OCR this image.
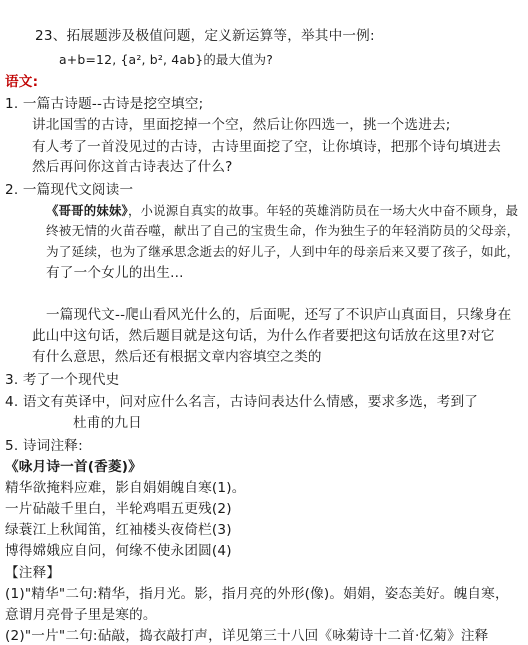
23、拓展题涉及极值问题，定义新运算等，举其中一例:
a+b=12, {a², b², 4ab}的最大值为?
语文:
1. 一篇古诗题--古诗是挖空填空;
讲北国雪的古诗，里面挖掉一个空，然后让你四选一，挑一个选进去;
有人考了一首没见过的古诗，古诗里面挖了空，让你填诗，把那个诗句填进去
然后再问你这首古诗表达了什么?
2. 一篇现代文阅读一
《哥哥的妹妹》，小说源自真实的故事。年轻的英雄消防员在一场大火中奋不顾身，最
终被无情的火苗吞噬，献出了自己的宝贵生命，作为独生子的年轻消防员的父母亲，
为了延续，也为了继承思念逝去的好儿子，人到中年的母亲后来又要了孩子，如此，
有了一个女儿的出生...
一篇现代文--爬山看风光什么的，后面呢，还写了不识庐山真面目，只缘身在
此山中这句话，然后题目就是这句话，为什么作者要把这句话放在这里?对它
有什么意思，然后还有根据文章内容填空之类的
3. 考了一个现代史
4. 语文有英译中，问对应什么名言，古诗问表达什么情感，要求多选，考到了
杜甫的九日
5. 诗词注释:
《咏月诗一首(香菱)》
精华欲掩料应难，影自娟娟魄自寒(1)。
一片砧敲千里白，半轮鸡唱五更残(2)
绿蓑江上秋闻笛，红袖楼头夜倚栏(3)
博得嫦娥应自问，何缘不使永团圆(4)
【注释】
(1)"精华"二句:精华，指月光。影，指月亮的外形(像)。娟娟，姿态美好。魄自寒，
意谓月亮骨子里是寒的。
(2)"一片"二句:砧敲，捣衣敲打声，详见第三十八回《咏菊诗十二首·忆菊》注释
